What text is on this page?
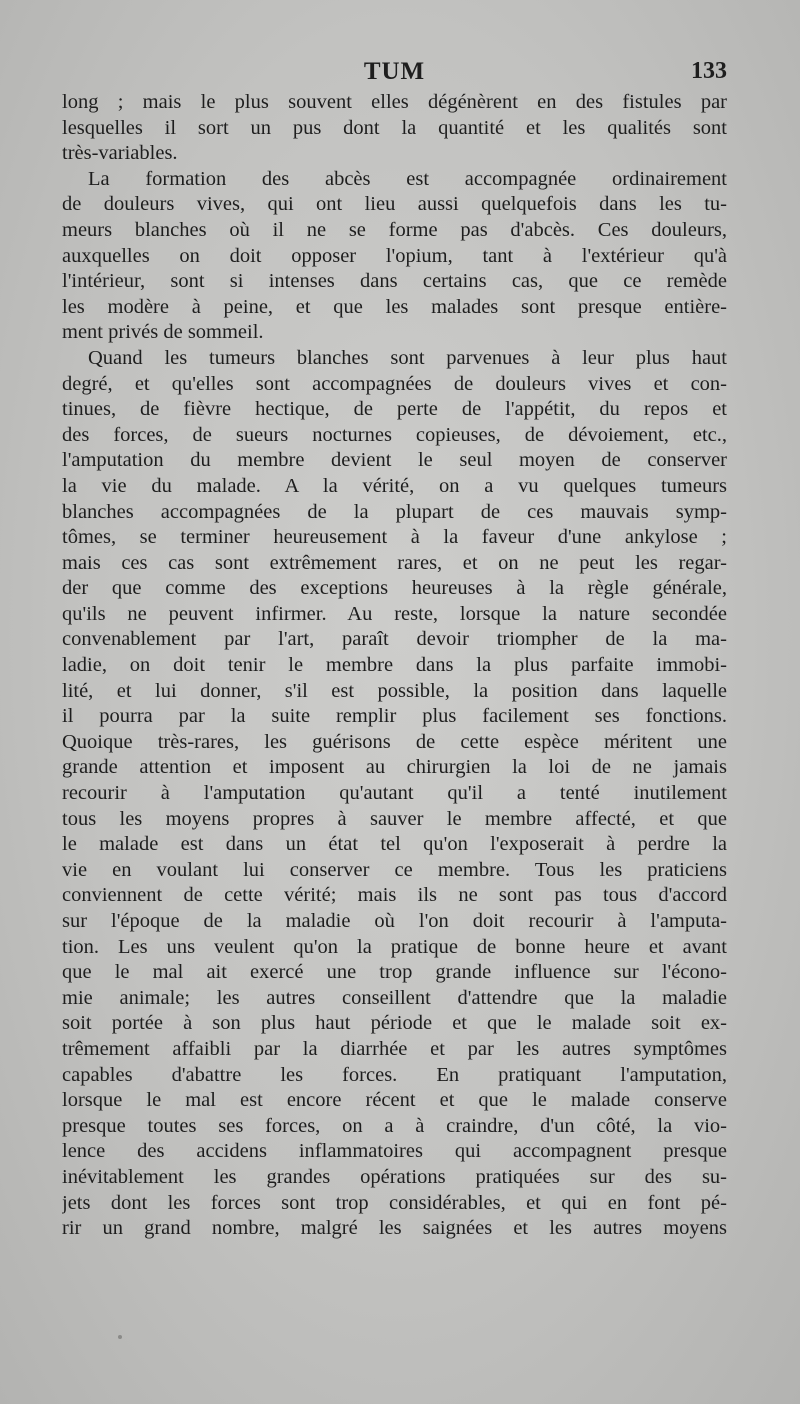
TUM	133
long ; mais le plus souvent elles dégénèrent en des fistules par
lesquelles il sort un pus dont la quantité et les qualités sont
très-variables.
La formation des abcès est accompagnée ordinairement
de douleurs vives, qui ont lieu aussi quelquefois dans les tu-
meurs blanches où il ne se forme pas d'abcès. Ces douleurs,
auxquelles on doit opposer l'opium, tant à l'extérieur qu'à
l'intérieur, sont si intenses dans certains cas, que ce remède
les modère à peine, et que les malades sont presque entière-
ment privés de sommeil.
Quand les tumeurs blanches sont parvenues à leur plus haut
degré, et qu'elles sont accompagnées de douleurs vives et con-
tinues, de fièvre hectique, de perte de l'appétit, du repos et
des forces, de sueurs nocturnes copieuses, de dévoiement, etc.,
l'amputation du membre devient le seul moyen de conserver
la vie du malade. A la vérité, on a vu quelques tumeurs
blanches accompagnées de la plupart de ces mauvais symp-
tômes, se terminer heureusement à la faveur d'une ankylose ;
mais ces cas sont extrêmement rares, et on ne peut les regar-
der que comme des exceptions heureuses à la règle générale,
qu'ils ne peuvent infirmer. Au reste, lorsque la nature secondée
convenablement par l'art, paraît devoir triompher de la ma-
ladie, on doit tenir le membre dans la plus parfaite immobi-
lité, et lui donner, s'il est possible, la position dans laquelle
il pourra par la suite remplir plus facilement ses fonctions.
Quoique très-rares, les guérisons de cette espèce méritent une
grande attention et imposent au chirurgien la loi de ne jamais
recourir à l'amputation qu'autant qu'il a tenté inutilement
tous les moyens propres à sauver le membre affecté, et que
le malade est dans un état tel qu'on l'exposerait à perdre la
vie en voulant lui conserver ce membre. Tous les praticiens
conviennent de cette vérité; mais ils ne sont pas tous d'accord
sur l'époque de la maladie où l'on doit recourir à l'amputa-
tion. Les uns veulent qu'on la pratique de bonne heure et avant
que le mal ait exercé une trop grande influence sur l'écono-
mie animale; les autres conseillent d'attendre que la maladie
soit portée à son plus haut période et que le malade soit ex-
trêmement affaibli par la diarrhée et par les autres symptômes
capables d'abattre les forces. En pratiquant l'amputation,
lorsque le mal est encore récent et que le malade conserve
presque toutes ses forces, on a à craindre, d'un côté, la vio-
lence des accidens inflammatoires qui accompagnent presque
inévitablement les grandes opérations pratiquées sur des su-
jets dont les forces sont trop considérables, et qui en font pé-
rir un grand nombre, malgré les saignées et les autres moyens
